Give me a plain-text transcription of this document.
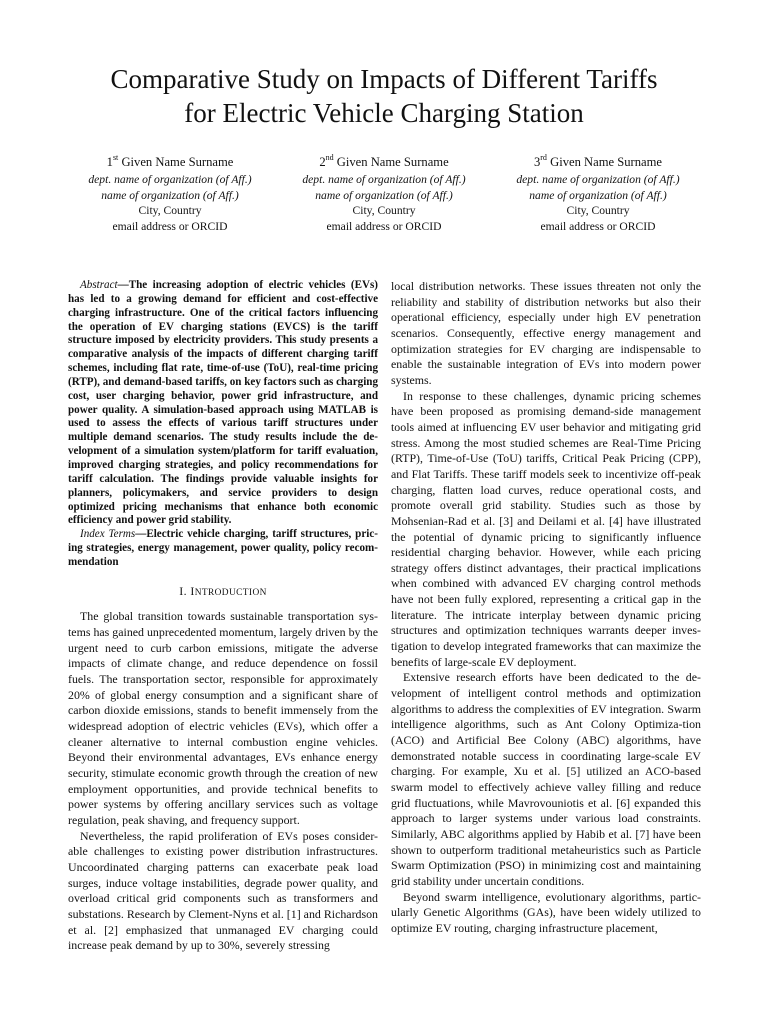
Comparative Study on Impacts of Different Tariffs
for Electric Vehicle Charging Station
1st Given Name Surname
dept. name of organization (of Aff.)
name of organization (of Aff.)
City, Country
email address or ORCID
2nd Given Name Surname
dept. name of organization (of Aff.)
name of organization (of Aff.)
City, Country
email address or ORCID
3rd Given Name Surname
dept. name of organization (of Aff.)
name of organization (of Aff.)
City, Country
email address or ORCID

Abstract—The increasing adoption of electric vehicles (EVs) has led to a growing demand for efficient and cost-effective charging infrastructure. One of the critical factors influencing the operation of EV charging stations (EVCS) is the tariff structure imposed by electricity providers. This study presents a comparative analysis of the impacts of different charging tariff schemes, including flat rate, time-of-use (ToU), real-time pricing (RTP), and demand-based tariffs, on key factors such as charging cost, user charging behavior, power grid infrastructure, and power quality. A simulation-based approach using MATLAB is used to assess the effects of various tariff structures under multiple demand scenarios. The study results include the de-velopment of a simulation system/platform for tariff evaluation, improved charging strategies, and policy recommendations for tariff calculation. The findings provide valuable insights for planners, policymakers, and service providers to design optimized pricing mechanisms that enhance both economic efficiency and power grid stability.

Index Terms—Electric vehicle charging, tariff structures, pric-ing strategies, energy management, power quality, policy recom-mendation

I. INTRODUCTION

The global transition towards sustainable transportation sys-tems has gained unprecedented momentum, largely driven by the urgent need to curb carbon emissions, mitigate the adverse impacts of climate change, and reduce dependence on fossil fuels. The transportation sector, responsible for approximately 20% of global energy consumption and a significant share of carbon dioxide emissions, stands to benefit immensely from the widespread adoption of electric vehicles (EVs), which offer a cleaner alternative to internal combustion engine vehicles. Beyond their environmental advantages, EVs enhance energy security, stimulate economic growth through the creation of new employment opportunities, and provide technical benefits to power systems by offering ancillary services such as voltage regulation, peak shaving, and frequency support.

Nevertheless, the rapid proliferation of EVs poses consider-able challenges to existing power distribution infrastructures. Uncoordinated charging patterns can exacerbate peak load surges, induce voltage instabilities, degrade power quality, and overload critical grid components such as transformers and substations. Research by Clement-Nyns et al. [1] and Richardson et al. [2] emphasized that unmanaged EV charging could increase peak demand by up to 30%, severely stressing

local distribution networks. These issues threaten not only the reliability and stability of distribution networks but also their operational efficiency, especially under high EV penetration scenarios. Consequently, effective energy management and optimization strategies for EV charging are indispensable to enable the sustainable integration of EVs into modern power systems.

In response to these challenges, dynamic pricing schemes have been proposed as promising demand-side management tools aimed at influencing EV user behavior and mitigating grid stress. Among the most studied schemes are Real-Time Pricing (RTP), Time-of-Use (ToU) tariffs, Critical Peak Pricing (CPP), and Flat Tariffs. These tariff models seek to incentivize off-peak charging, flatten load curves, reduce operational costs, and promote overall grid stability. Studies such as those by Mohsenian-Rad et al. [3] and Deilami et al. [4] have illustrated the potential of dynamic pricing to significantly influence residential charging behavior. However, while each pricing strategy offers distinct advantages, their practical implications when combined with advanced EV charging control methods have not been fully explored, representing a critical gap in the literature. The intricate interplay between dynamic pricing structures and optimization techniques warrants deeper inves-tigation to develop integrated frameworks that can maximize the benefits of large-scale EV deployment.

Extensive research efforts have been dedicated to the de-velopment of intelligent control methods and optimization algorithms to address the complexities of EV integration. Swarm intelligence algorithms, such as Ant Colony Optimiza-tion (ACO) and Artificial Bee Colony (ABC) algorithms, have demonstrated notable success in coordinating large-scale EV charging. For example, Xu et al. [5] utilized an ACO-based swarm model to effectively achieve valley filling and reduce grid fluctuations, while Mavrovouniotis et al. [6] expanded this approach to larger systems under various load constraints. Similarly, ABC algorithms applied by Habib et al. [7] have been shown to outperform traditional metaheuristics such as Particle Swarm Optimization (PSO) in minimizing cost and maintaining grid stability under uncertain conditions.

Beyond swarm intelligence, evolutionary algorithms, partic-ularly Genetic Algorithms (GAs), have been widely utilized to optimize EV routing, charging infrastructure placement,
